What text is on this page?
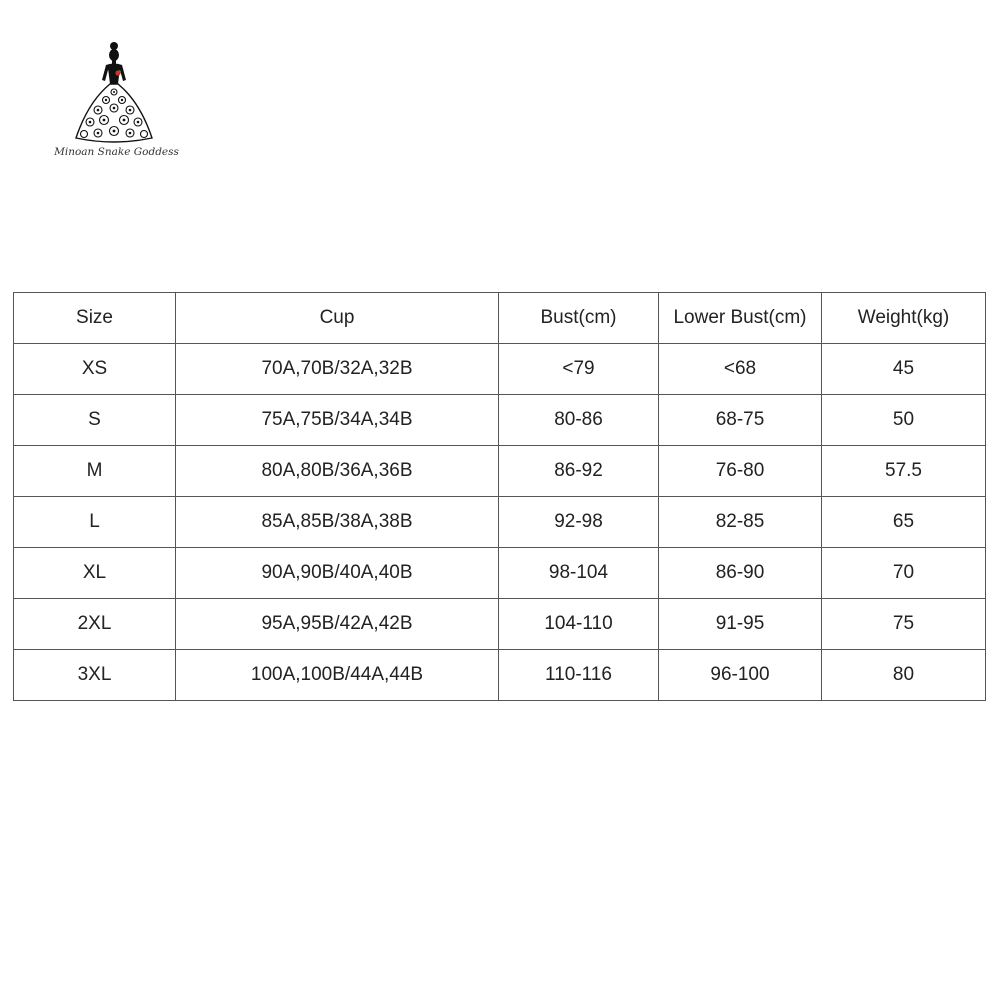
Minoan Snake Goddess
Size	Cup	Bust(cm)	Lower Bust(cm)	Weight(kg)
XS	70A,70B/32A,32B	<79	<68	45
S	75A,75B/34A,34B	80-86	68-75	50
M	80A,80B/36A,36B	86-92	76-80	57.5
L	85A,85B/38A,38B	92-98	82-85	65
XL	90A,90B/40A,40B	98-104	86-90	70
2XL	95A,95B/42A,42B	104-110	91-95	75
3XL	100A,100B/44A,44B	110-116	96-100	80
